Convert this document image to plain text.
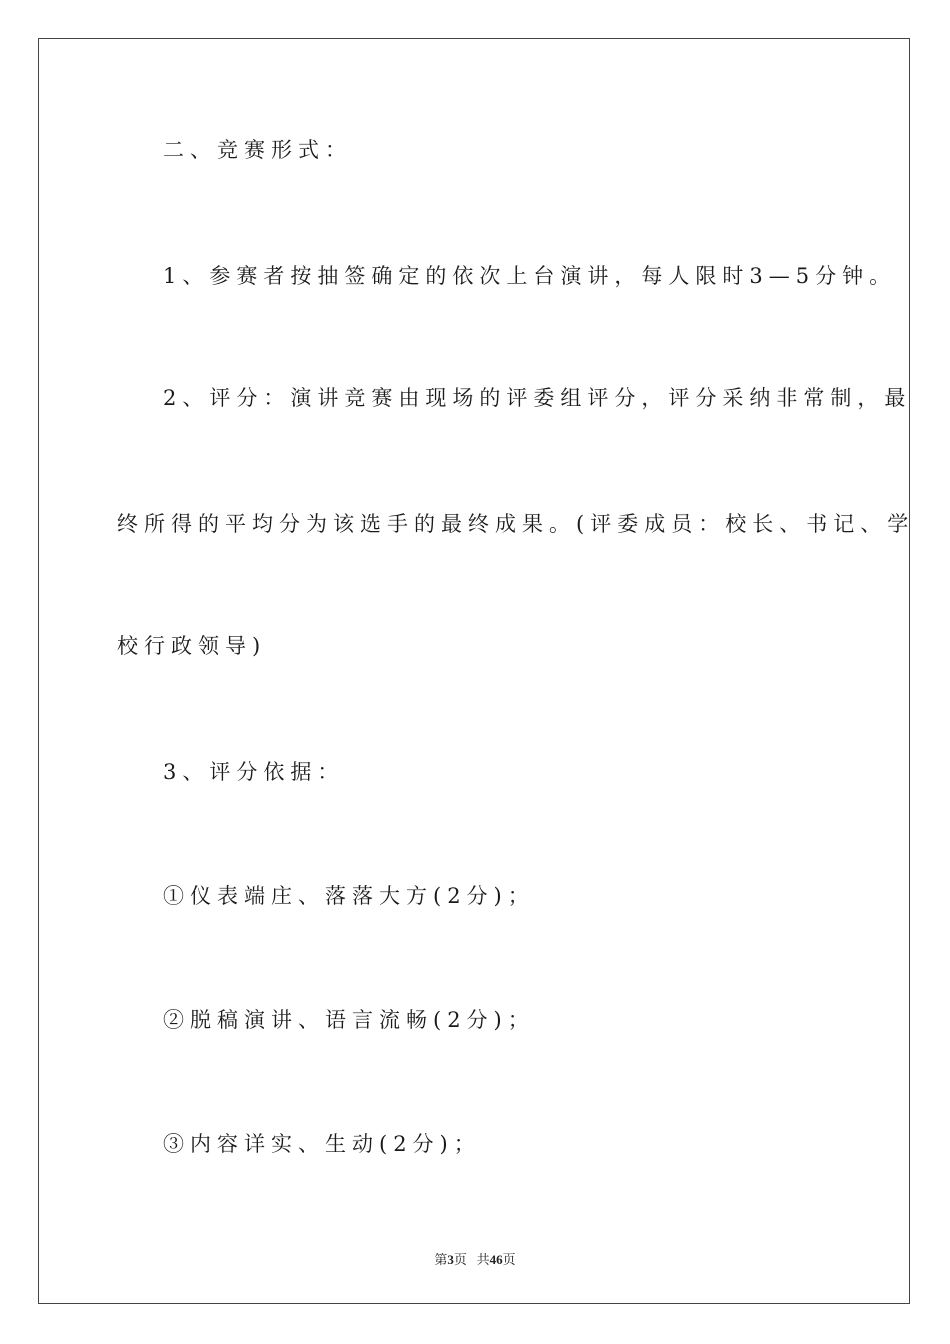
二、竞赛形式：
1、参赛者按抽签确定的依次上台演讲，每人限时3—5分钟。
2、评分：演讲竞赛由现场的评委组评分，评分采纳非常制，最
终所得的平均分为该选手的最终成果。(评委成员：校长、书记、学
校行政领导)
3、评分依据：
①仪表端庄、落落大方(2分)；
②脱稿演讲、语言流畅(2分)；
③内容详实、生动(2分)；
第3页 共46页
